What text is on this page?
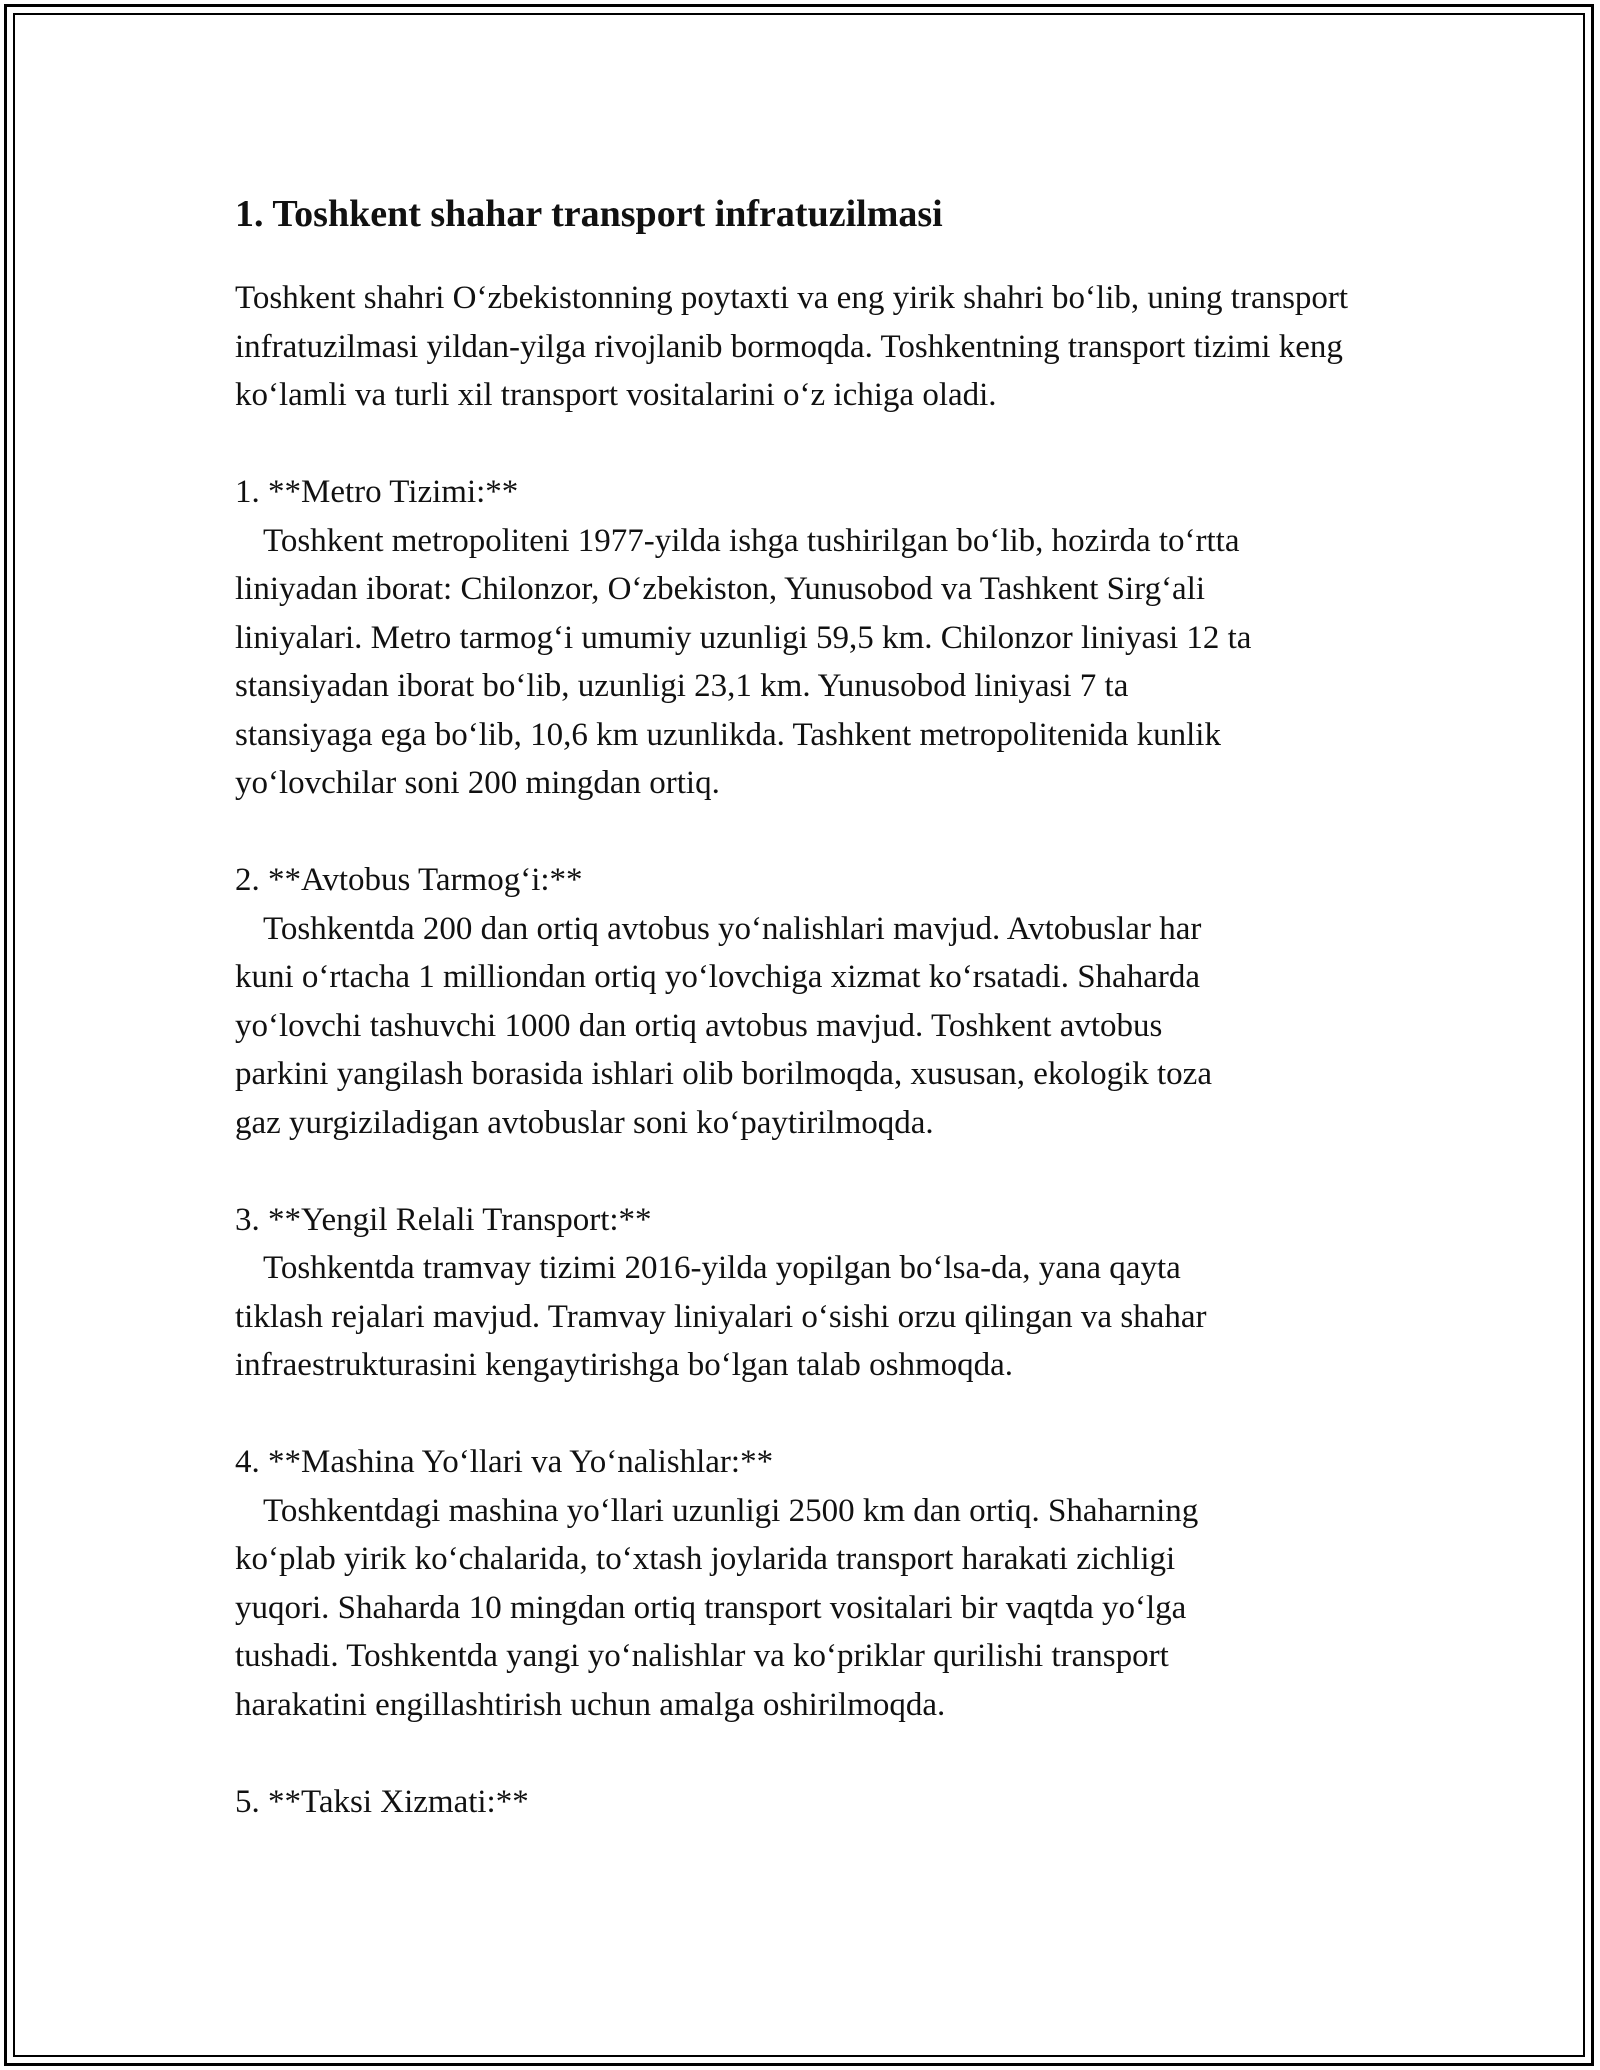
1. Toshkent shahar transport infratuzilmasi

Toshkent shahri O‘zbekistonning poytaxti va eng yirik shahri bo‘lib, uning transport infratuzilmasi yildan-yilga rivojlanib bormoqda. Toshkentning transport tizimi keng ko‘lamli va turli xil transport vositalarini o‘z ichiga oladi.

1. **Metro Tizimi:**
Toshkent metropoliteni 1977-yilda ishga tushirilgan bo‘lib, hozirda to‘rtta
liniyadan iborat: Chilonzor, O‘zbekiston, Yunusobod va Tashkent Sirg‘ali
liniyalari. Metro tarmog‘i umumiy uzunligi 59,5 km. Chilonzor liniyasi 12 ta
stansiyadan iborat bo‘lib, uzunligi 23,1 km. Yunusobod liniyasi 7 ta
stansiyaga ega bo‘lib, 10,6 km uzunlikda. Tashkent metropolitenida kunlik
yo‘lovchilar soni 200 mingdan ortiq.
2. **Avtobus Tarmog‘i:**
Toshkentda 200 dan ortiq avtobus yo‘nalishlari mavjud. Avtobuslar har
kuni o‘rtacha 1 milliondan ortiq yo‘lovchiga xizmat ko‘rsatadi. Shaharda
yo‘lovchi tashuvchi 1000 dan ortiq avtobus mavjud. Toshkent avtobus
parkini yangilash borasida ishlari olib borilmoqda, xususan, ekologik toza
gaz yurgiziladigan avtobuslar soni ko‘paytirilmoqda.
3. **Yengil Relali Transport:**
Toshkentda tramvay tizimi 2016-yilda yopilgan bo‘lsa-da, yana qayta
tiklash rejalari mavjud. Tramvay liniyalari o‘sishi orzu qilingan va shahar
infraestrukturasini kengaytirishga bo‘lgan talab oshmoqda.
4. **Mashina Yo‘llari va Yo‘nalishlar:**
Toshkentdagi mashina yo‘llari uzunligi 2500 km dan ortiq. Shaharning
ko‘plab yirik ko‘chalarida, to‘xtash joylarida transport harakati zichligi
yuqori. Shaharda 10 mingdan ortiq transport vositalari bir vaqtda yo‘lga
tushadi. Toshkentda yangi yo‘nalishlar va ko‘priklar qurilishi transport
harakatini engillashtirish uchun amalga oshirilmoqda.
5. **Taksi Xizmati:**
